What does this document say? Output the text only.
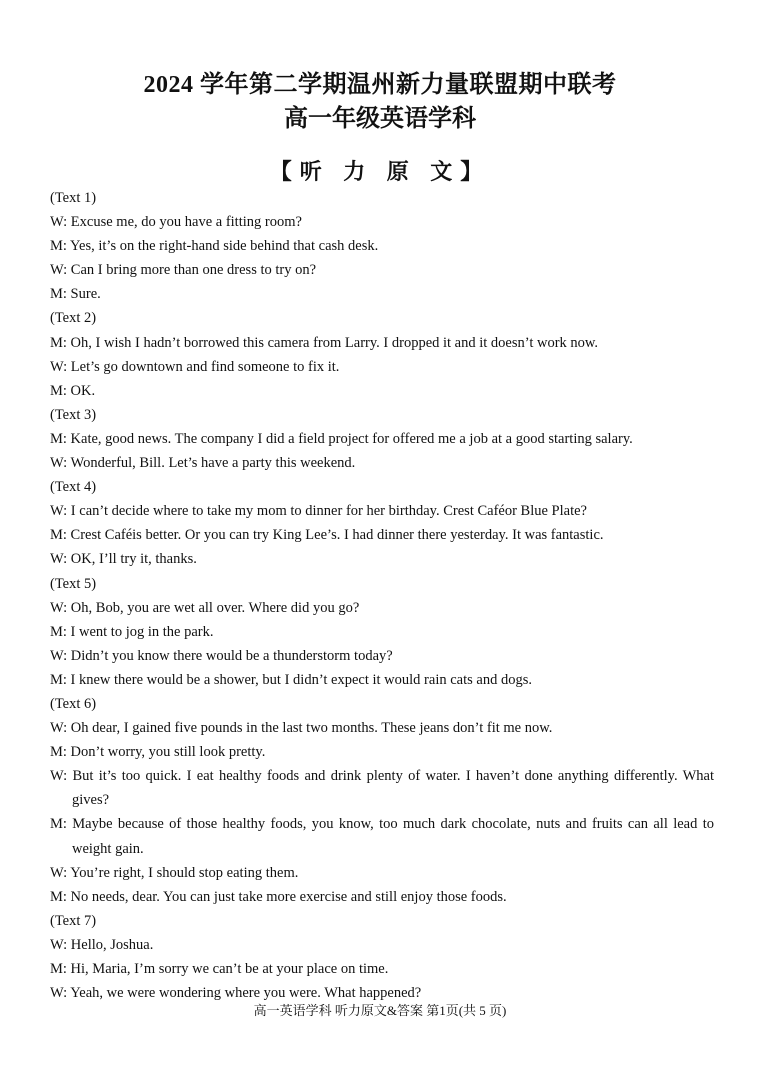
2024 学年第二学期温州新力量联盟期中联考
高一年级英语学科
【听 力 原 文】

(Text 1)

W: Excuse me, do you have a fitting room?

M: Yes, it’s on the right-hand side behind that cash desk.

W: Can I bring more than one dress to try on?

M: Sure.

(Text 2)

M: Oh, I wish I hadn’t borrowed this camera from Larry. I dropped it and it doesn’t work now.

W: Let’s go downtown and find someone to fix it.

M: OK.

(Text 3)

M: Kate, good news. The company I did a field project for offered me a job at a good starting salary.

W: Wonderful, Bill. Let’s have a party this weekend.

(Text 4)

W: I can’t decide where to take my mom to dinner for her birthday. Crest Caféor Blue Plate?

M: Crest Caféis better. Or you can try King Lee’s. I had dinner there yesterday. It was fantastic.

W: OK, I’ll try it, thanks.

(Text 5)

W: Oh, Bob, you are wet all over. Where did you go?

M: I went to jog in the park.

W: Didn’t you know there would be a thunderstorm today?

M: I knew there would be a shower, but I didn’t expect it would rain cats and dogs.

(Text 6)

W: Oh dear, I gained five pounds in the last two months. These jeans don’t fit me now.

M: Don’t worry, you still look pretty.

W: But it’s too quick. I eat healthy foods and drink plenty of water. I haven’t done anything differently. What gives?

M: Maybe because of those healthy foods, you know, too much dark chocolate, nuts and fruits can all lead to weight gain.

W: You’re right, I should stop eating them.

M: No needs, dear. You can just take more exercise and still enjoy those foods.

(Text 7)

W: Hello, Joshua.

M: Hi, Maria, I’m sorry we can’t be at your place on time.

W: Yeah, we were wondering where you were. What happened?

高一英语学科 听力原文&答案 第1页(共 5 页)
